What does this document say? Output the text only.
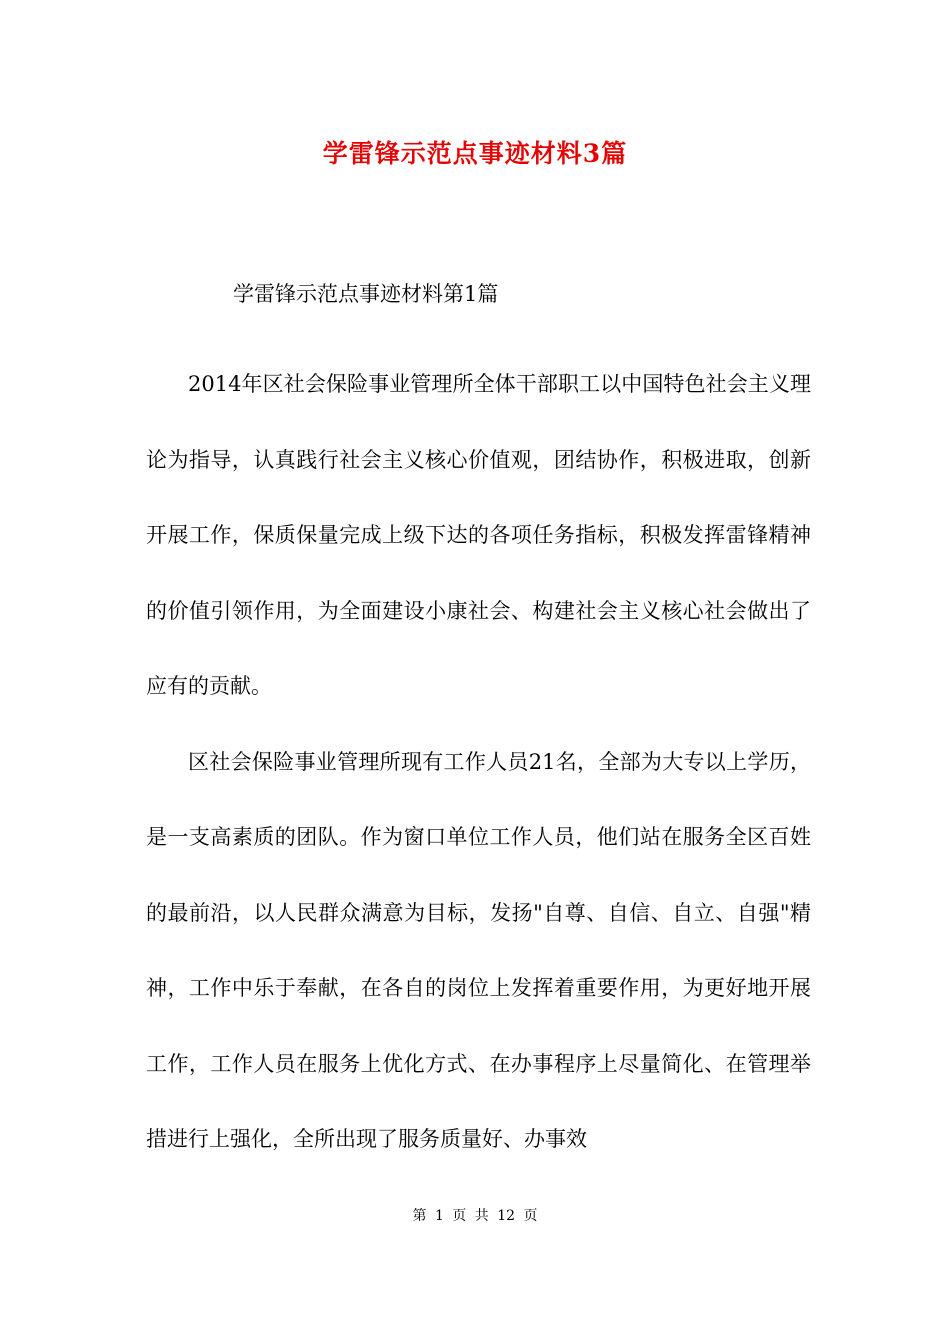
学雷锋示范点事迹材料3篇
学雷锋示范点事迹材料第1篇

2014年区社会保险事业管理所全体干部职工以中国特色社会主义理论为指导，认真践行社会主义核心价值观，团结协作，积极进取，创新开展工作，保质保量完成上级下达的各项任务指标，积极发挥雷锋精神的价值引领作用，为全面建设小康社会、构建社会主义核心社会做出了应有的贡献。

区社会保险事业管理所现有工作人员21名，全部为大专以上学历，是一支高素质的团队。作为窗口单位工作人员，他们站在服务全区百姓的最前沿，以人民群众满意为目标，发扬"自尊、自信、自立、自强"精神，工作中乐于奉献，在各自的岗位上发挥着重要作用，为更好地开展工作，工作人员在服务上优化方式、在办事程序上尽量简化、在管理举措进行上强化，全所出现了服务质量好、办事效

第 1 页 共 12 页
